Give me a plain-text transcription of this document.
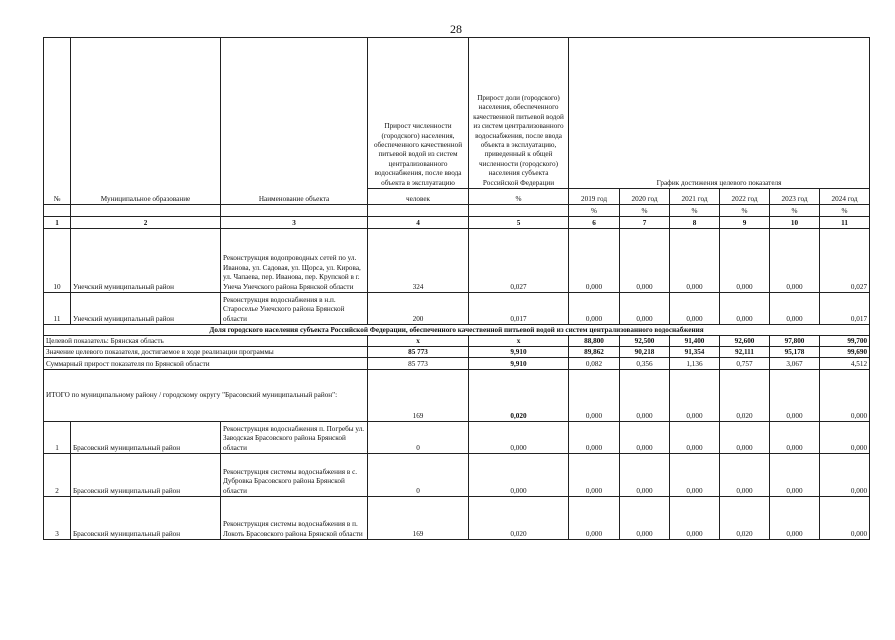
28
№	Муниципальное образование	Наименование объекта	Прирост численности (городского) населения, обеспеченного качественной питьевой водой из систем централизованного водоснабжения, после ввода объекта в эксплуатацию	Прирост доли (городского) населения, обеспеченного качественной питьевой водой из систем централизованного водоснабжения, после ввода объекта в эксплуатацию, приведенный к общей численности (городского) населения субъекта Российской Федерации	График достижения целевого показателя					
			человек	%	2019 год	2020 год	2021 год	2022 год	2023 год	2024 год
					%	%	%	%	%	%
1	2	3	4	5	6	7	8	9	10	11
10	Унечский муниципальный район	Реконструкция водопроводных сетей по ул. Иванова, ул. Садовая, ул. Щорса, ул. Кирова, ул. Чапаева, пер. Иванова, пер. Крупской в г. Унеча Унечского района Брянской области	324	0,027	0,000	0,000	0,000	0,000	0,000	0,027
11	Унечский муниципальный район	Реконструкция водоснабжения в н.п. Староселье Унечского района Брянской области	200	0,017	0,000	0,000	0,000	0,000	0,000	0,017
Доля городского населения субъекта Российской Федерации, обеспеченного качественной питьевой водой из систем централизованного водоснабжения										
Целевой показатель: Брянская область			x	x	88,800	92,500	91,400	92,600	97,800	99,700
Значение целевого показателя, достигаемое в ходе реализации программы			85 773	9,910	89,862	90,218	91,354	92,111	95,178	99,690
Суммарный прирост показателя по Брянской области			85 773	9,910	0,082	0,356	1,136	0,757	3,067	4,512
ИТОГО по муниципальному району / городскому округу "Брасовский муниципальный район":			169	0,020	0,000	0,000	0,000	0,020	0,000	0,000
1	Брасовский муниципальный район	Реконструкция водоснабжения п. Погребы ул. Заводская Брасовского района Брянской области	0	0,000	0,000	0,000	0,000	0,000	0,000	0,000
2	Брасовский муниципальный район	Реконструкция системы водоснабжения в с. Дубровка Брасовского района Брянской области	0	0,000	0,000	0,000	0,000	0,000	0,000	0,000
3	Брасовский муниципальный район	Реконструкция системы водоснабжения в п. Локоть Брасовского района Брянской области	169	0,020	0,000	0,000	0,000	0,020	0,000	0,000
